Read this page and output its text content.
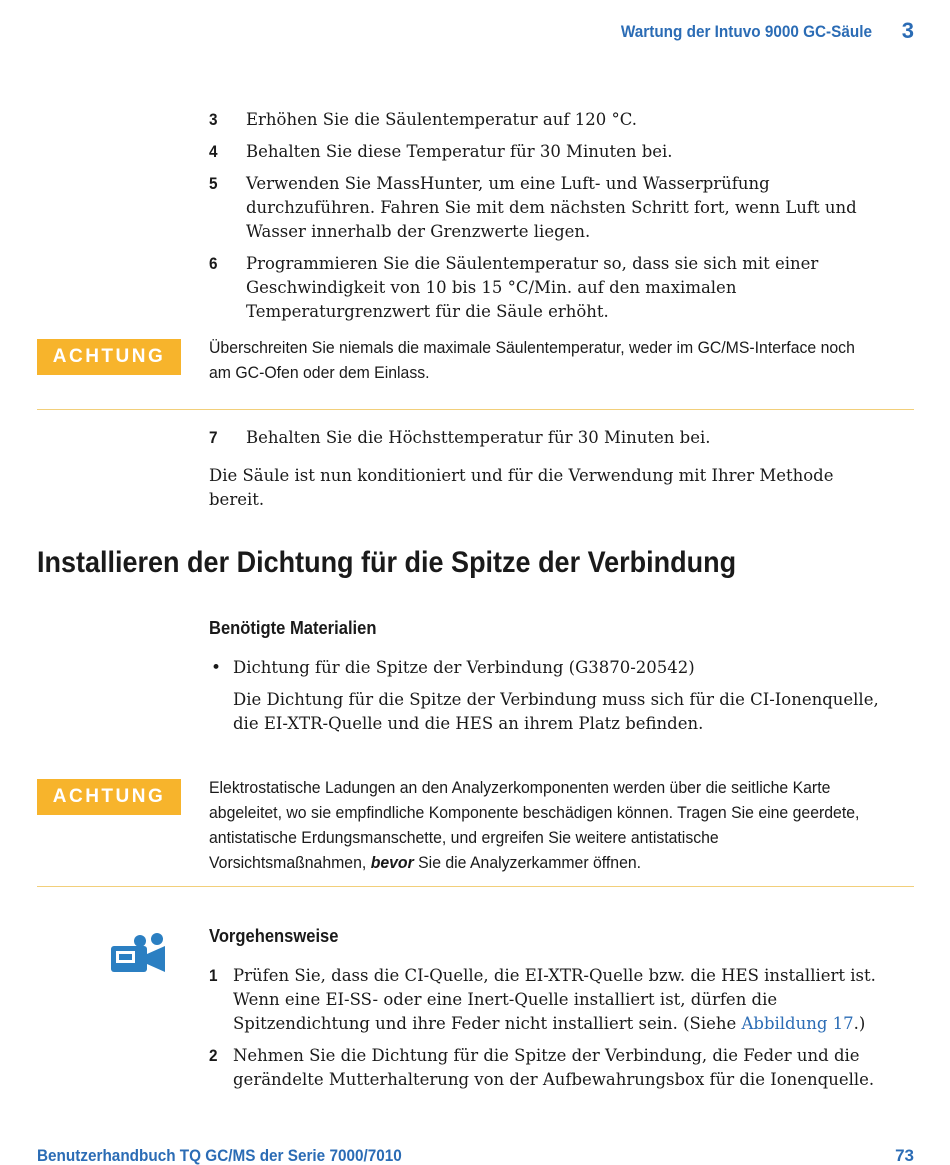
Wartung der Intuvo 9000 GC-Säule 3
3 Erhöhen Sie die Säulentemperatur auf 120 °C.
4 Behalten Sie diese Temperatur für 30 Minuten bei.
5 Verwenden Sie MassHunter, um eine Luft- und Wasserprüfung durchzuführen. Fahren Sie mit dem nächsten Schritt fort, wenn Luft und Wasser innerhalb der Grenzwerte liegen.
6 Programmieren Sie die Säulentemperatur so, dass sie sich mit einer Geschwindigkeit von 10 bis 15 °C/Min. auf den maximalen Temperaturgrenzwert für die Säule erhöht.
ACHTUNG	Überschreiten Sie niemals die maximale Säulentemperatur, weder im GC/MS-Interface noch am GC-Ofen oder dem Einlass.
7 Behalten Sie die Höchsttemperatur für 30 Minuten bei.
Die Säule ist nun konditioniert und für die Verwendung mit Ihrer Methode bereit.
Installieren der Dichtung für die Spitze der Verbindung
Benötigte Materialien
• Dichtung für die Spitze der Verbindung (G3870-20542)
Die Dichtung für die Spitze der Verbindung muss sich für die CI-Ionenquelle, die EI-XTR-Quelle und die HES an ihrem Platz befinden.
ACHTUNG	Elektrostatische Ladungen an den Analyzerkomponenten werden über die seitliche Karte abgeleitet, wo sie empfindliche Komponente beschädigen können. Tragen Sie eine geerdete, antistatische Erdungsmanschette, und ergreifen Sie weitere antistatische Vorsichtsmaßnahmen, bevor Sie die Analyzerkammer öffnen.
Vorgehensweise
1 Prüfen Sie, dass die CI-Quelle, die EI-XTR-Quelle bzw. die HES installiert ist. Wenn eine EI-SS- oder eine Inert-Quelle installiert ist, dürfen die Spitzendichtung und ihre Feder nicht installiert sein. (Siehe Abbildung 17.)
2 Nehmen Sie die Dichtung für die Spitze der Verbindung, die Feder und die gerändelte Mutterhalterung von der Aufbewahrungsbox für die Ionenquelle.
Benutzerhandbuch TQ GC/MS der Serie 7000/7010	73
